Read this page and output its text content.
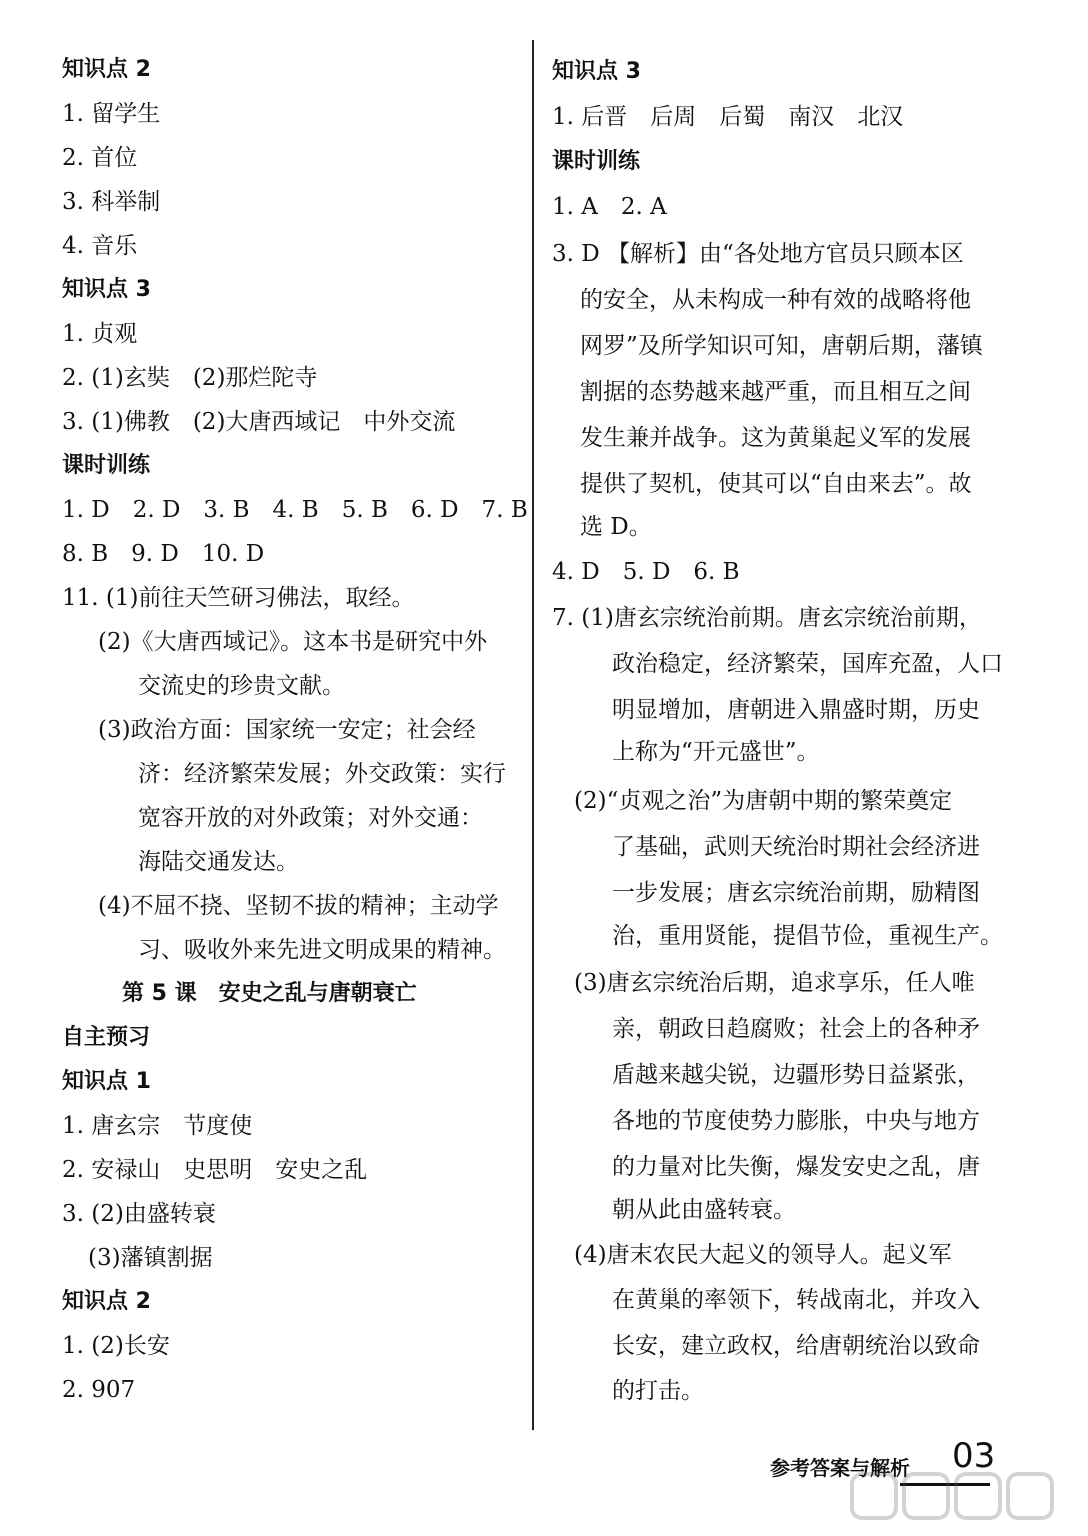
知识点 2
1. 留学生
2. 首位
3. 科举制
4. 音乐
知识点 3
1. 贞观
2. (1)玄奘　(2)那烂陀寺
3. (1)佛教　(2)大唐西域记　中外交流
课时训练
1. D　2. D　3. B　4. B　5. B　6. D　7. B
8. B　9. D　10. D
11. (1)前往天竺研习佛法，取经。
(2)《大唐西域记》。这本书是研究中外
交流史的珍贵文献。
(3)政治方面：国家统一安定；社会经
济：经济繁荣发展；外交政策：实行
宽容开放的对外政策；对外交通：
海陆交通发达。
(4)不屈不挠、坚韧不拔的精神；主动学
习、吸收外来先进文明成果的精神。
第 5 课　安史之乱与唐朝衰亡
自主预习
知识点 1
1. 唐玄宗　节度使
2. 安禄山　史思明　安史之乱
3. (2)由盛转衰
(3)藩镇割据
知识点 2
1. (2)长安
2. 907
知识点 3
1. 后晋　后周　后蜀　南汉　北汉
课时训练
1. A　2. A
3. D 【解析】由“各处地方官员只顾本区
的安全，从未构成一种有效的战略将他
网罗”及所学知识可知，唐朝后期，藩镇
割据的态势越来越严重，而且相互之间
发生兼并战争。这为黄巢起义军的发展
提供了契机，使其可以“自由来去”。故
选 D。
4. D　5. D　6. B
7. (1)唐玄宗统治前期。唐玄宗统治前期，
政治稳定，经济繁荣，国库充盈，人口
明显增加，唐朝进入鼎盛时期，历史
上称为“开元盛世”。
(2)“贞观之治”为唐朝中期的繁荣奠定
了基础，武则天统治时期社会经济进
一步发展；唐玄宗统治前期，励精图
治，重用贤能，提倡节俭，重视生产。
(3)唐玄宗统治后期，追求享乐，任人唯
亲，朝政日趋腐败；社会上的各种矛
盾越来越尖锐，边疆形势日益紧张，
各地的节度使势力膨胀，中央与地方
的力量对比失衡，爆发安史之乱，唐
朝从此由盛转衰。
(4)唐末农民大起义的领导人。起义军
在黄巢的率领下，转战南北，并攻入
长安，建立政权，给唐朝统治以致命
的打击。
参考答案与解析 03
